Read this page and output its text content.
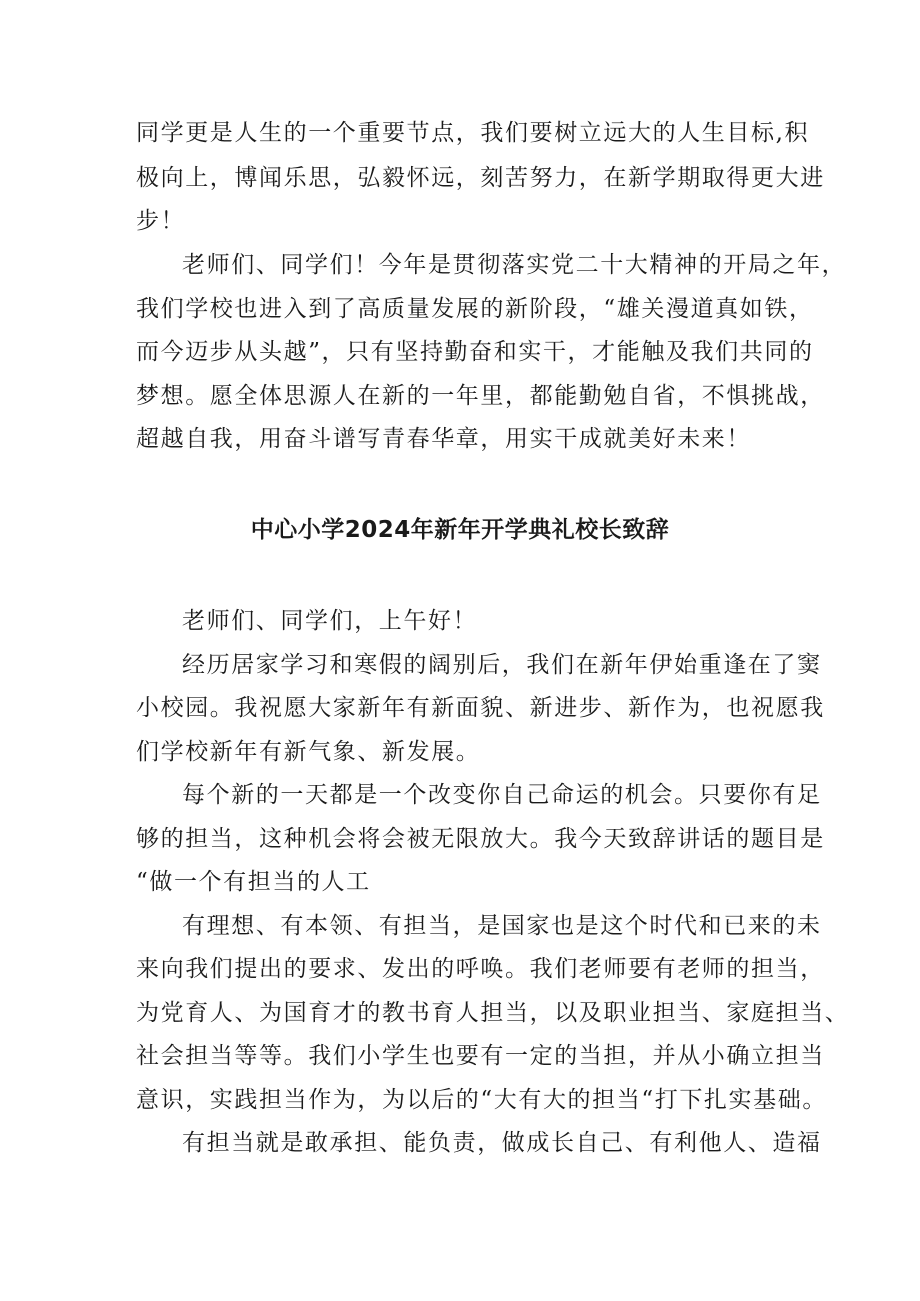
同学更是人生的一个重要节点，我们要树立远大的人生目标,积
极向上，博闻乐思，弘毅怀远，刻苦努力，在新学期取得更大进
步！
老师们、同学们！今年是贯彻落实党二十大精神的开局之年，
我们学校也进入到了高质量发展的新阶段，“雄关漫道真如铁，
而今迈步从头越”，只有坚持勤奋和实干，才能触及我们共同的
梦想。愿全体思源人在新的一年里，都能勤勉自省，不惧挑战，
超越自我，用奋斗谱写青春华章，用实干成就美好未来！
中心小学2024年新年开学典礼校长致辞
老师们、同学们，上午好！
经历居家学习和寒假的阔别后，我们在新年伊始重逢在了窦
小校园。我祝愿大家新年有新面貌、新进步、新作为，也祝愿我
们学校新年有新气象、新发展。
每个新的一天都是一个改变你自己命运的机会。只要你有足
够的担当，这种机会将会被无限放大。我今天致辞讲话的题目是
“做一个有担当的人工
有理想、有本领、有担当，是国家也是这个时代和已来的未
来向我们提出的要求、发出的呼唤。我们老师要有老师的担当，
为党育人、为国育才的教书育人担当，以及职业担当、家庭担当、
社会担当等等。我们小学生也要有一定的当担，并从小确立担当
意识，实践担当作为，为以后的“大有大的担当“打下扎实基础。
有担当就是敢承担、能负责，做成长自己、有利他人、造福
